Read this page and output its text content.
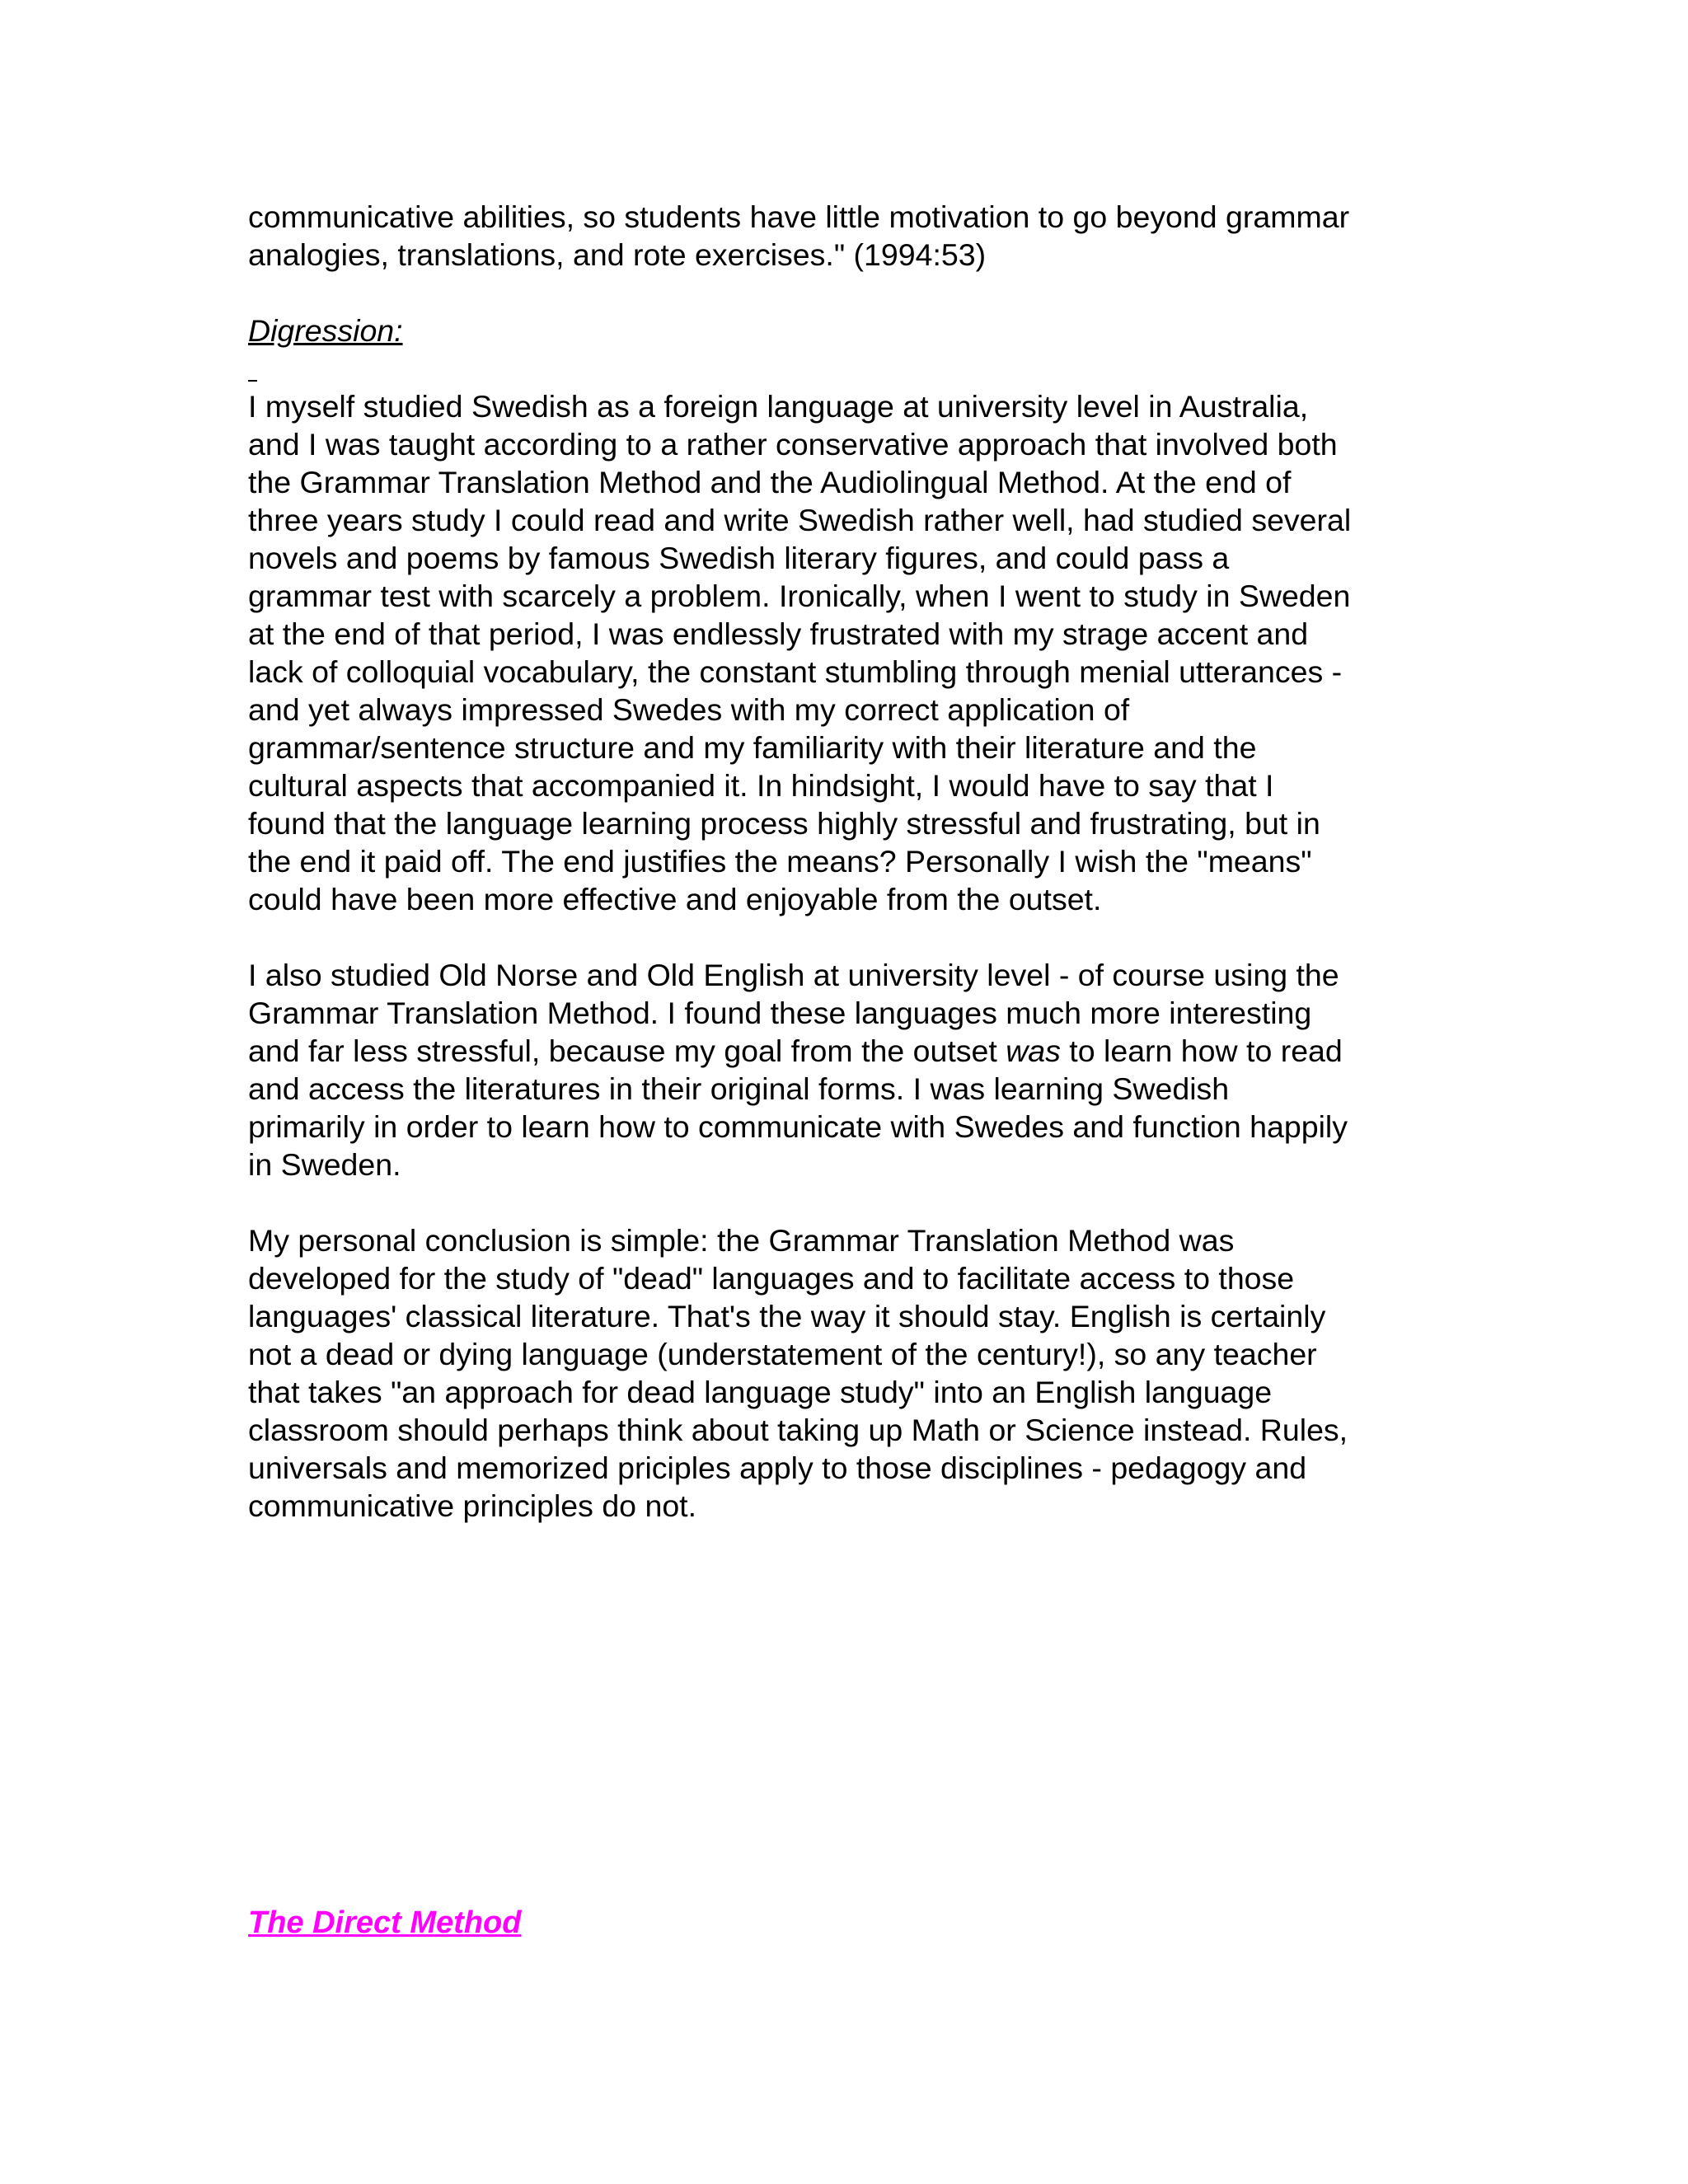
communicative abilities, so students have little motivation to go beyond grammar
analogies, translations, and rote exercises." (1994:53)
Digression:
I myself studied Swedish as a foreign language at university level in Australia,
and I was taught according to a rather conservative approach that involved both
the Grammar Translation Method and the Audiolingual Method. At the end of
three years study I could read and write Swedish rather well, had studied several
novels and poems by famous Swedish literary figures, and could pass a
grammar test with scarcely a problem. Ironically, when I went to study in Sweden
at the end of that period, I was endlessly frustrated with my strage accent and
lack of colloquial vocabulary, the constant stumbling through menial utterances -
and yet always impressed Swedes with my correct application of
grammar/sentence structure and my familiarity with their literature and the
cultural aspects that accompanied it. In hindsight, I would have to say that I
found that the language learning process highly stressful and frustrating, but in
the end it paid off. The end justifies the means? Personally I wish the "means"
could have been more effective and enjoyable from the outset.
I also studied Old Norse and Old English at university level - of course using the
Grammar Translation Method. I found these languages much more interesting
and far less stressful, because my goal from the outset was to learn how to read
and access the literatures in their original forms. I was learning Swedish
primarily in order to learn how to communicate with Swedes and function happily
in Sweden.
My personal conclusion is simple: the Grammar Translation Method was
developed for the study of "dead" languages and to facilitate access to those
languages' classical literature. That's the way it should stay. English is certainly
not a dead or dying language (understatement of the century!), so any teacher
that takes "an approach for dead language study" into an English language
classroom should perhaps think about taking up Math or Science instead. Rules,
universals and memorized priciples apply to those disciplines - pedagogy and
communicative principles do not.
The Direct Method
